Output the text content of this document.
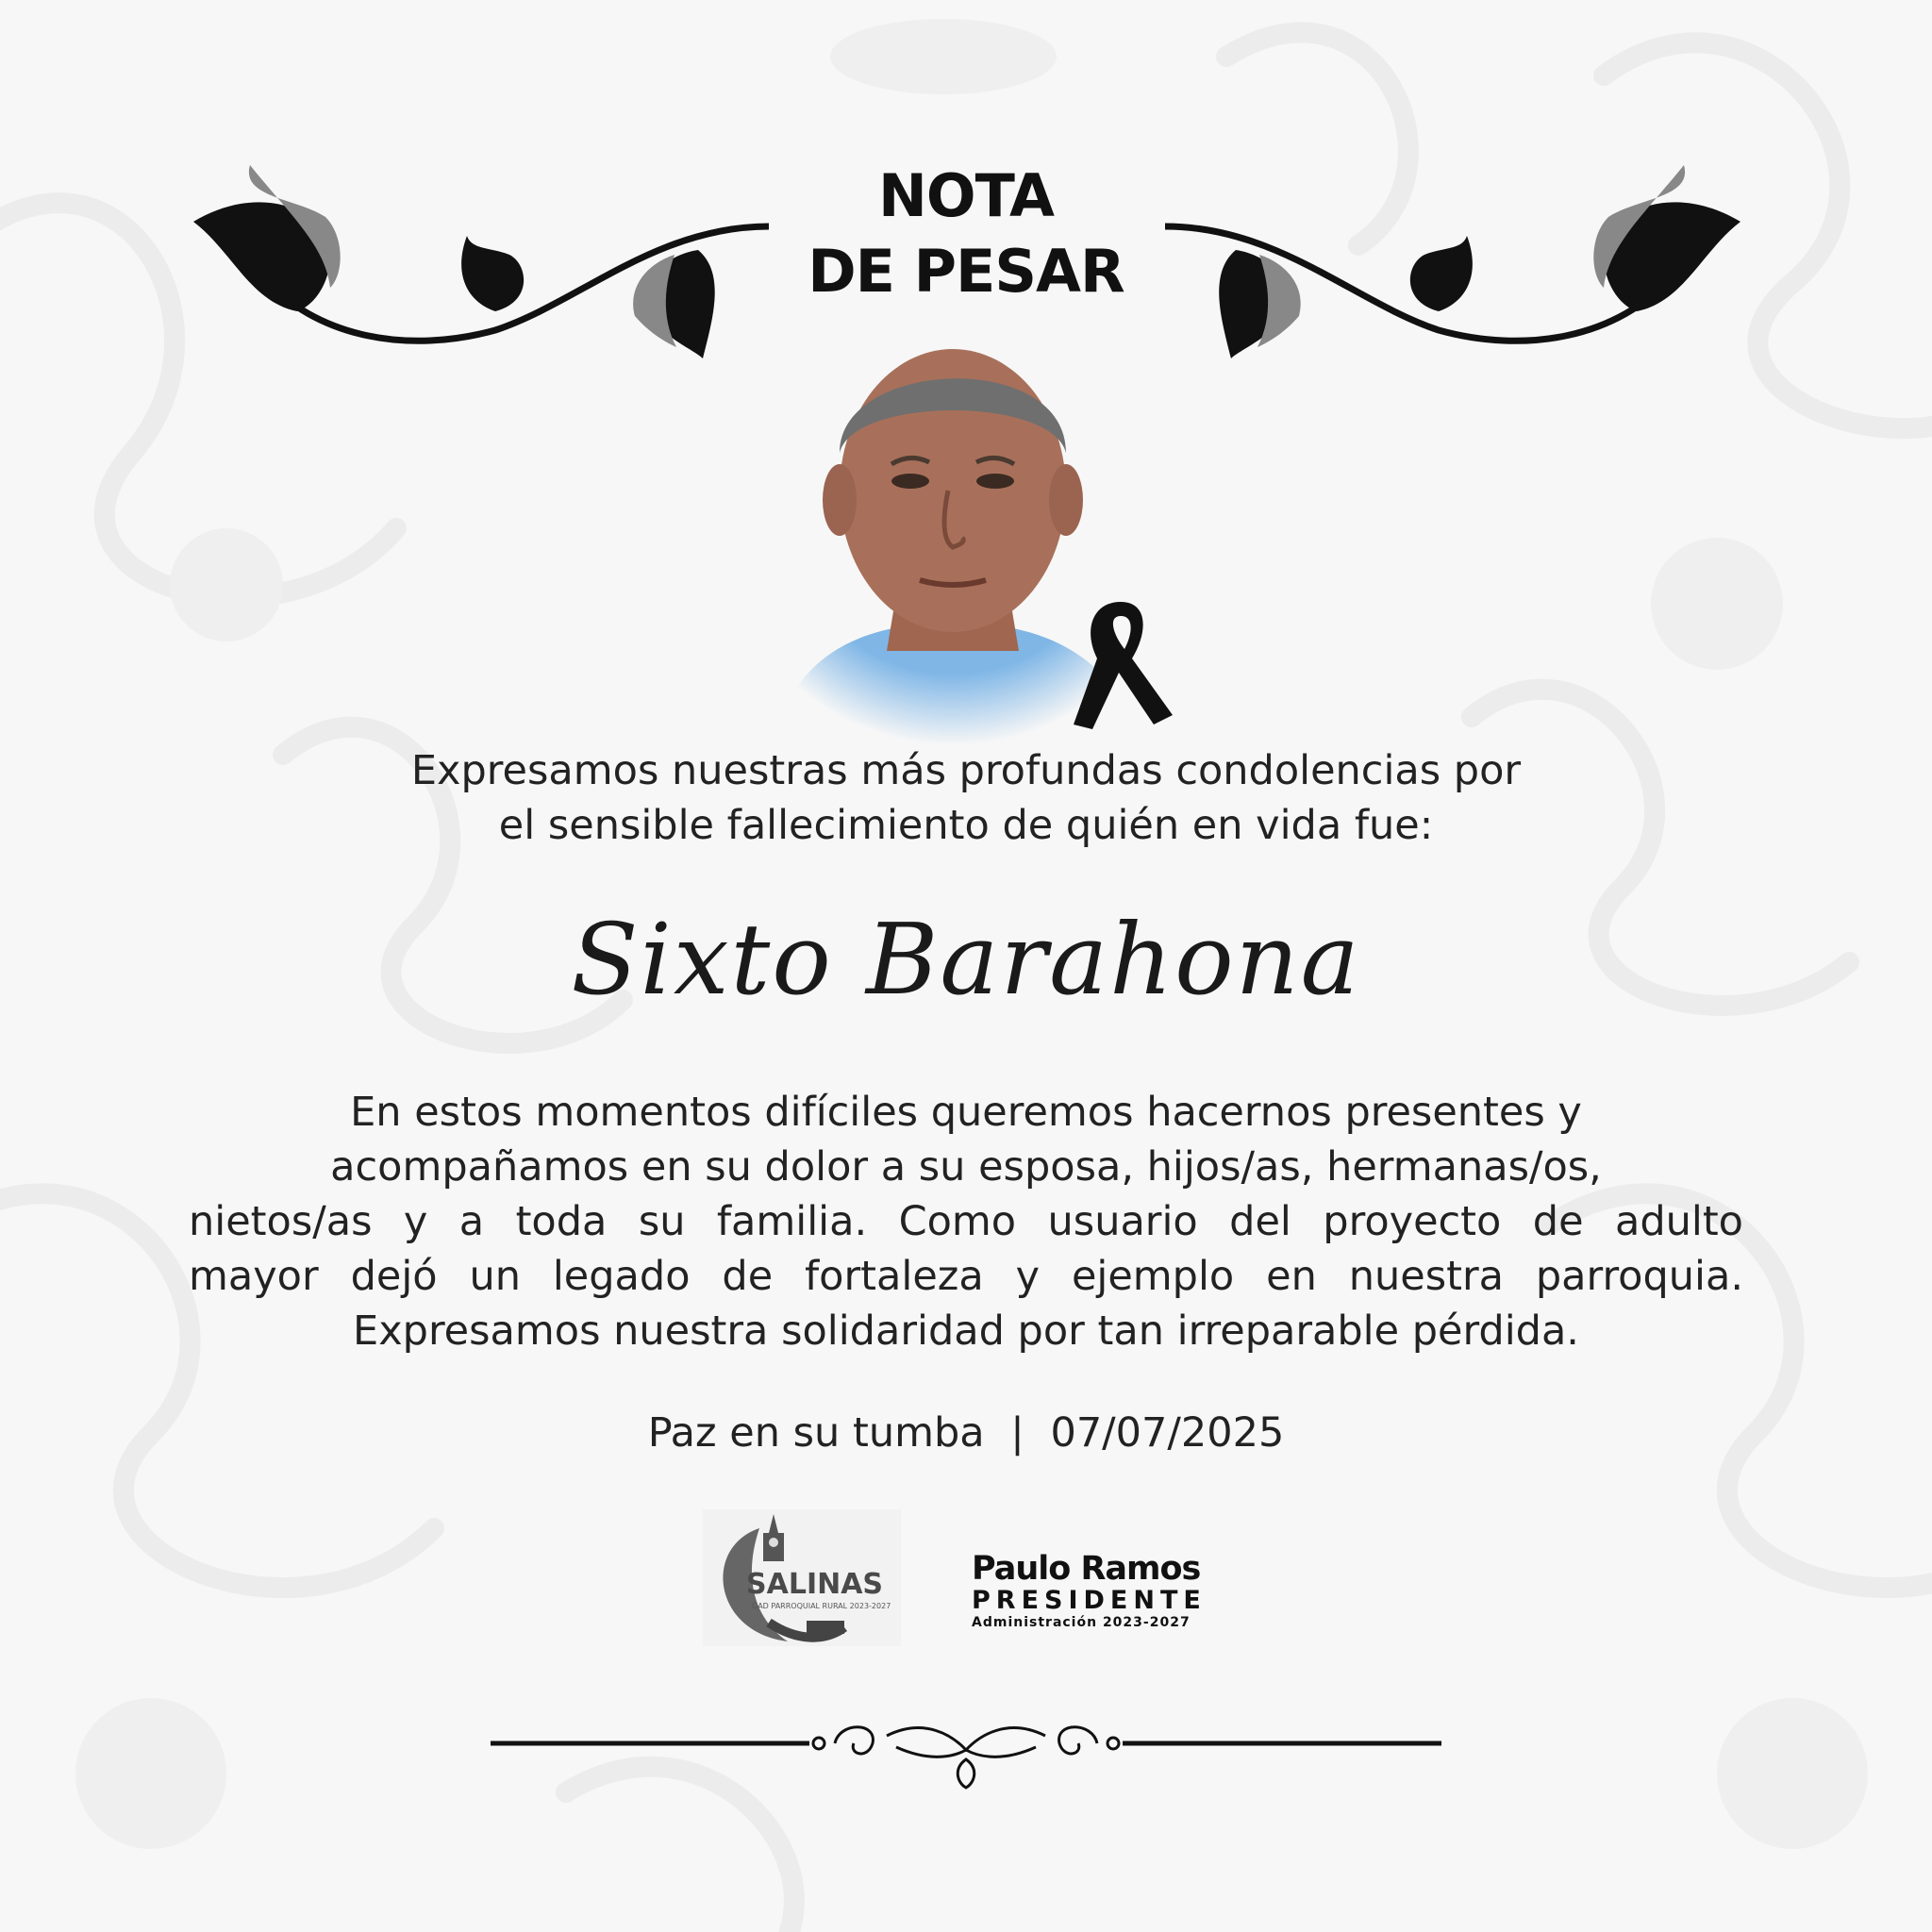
NOTA
DE PESAR
Expresamos nuestras más profundas condolencias por
el sensible fallecimiento de quién en vida fue:
Sixto Barahona
En estos momentos difíciles queremos hacernos presentes y
acompañamos en su dolor a su esposa, hijos/as, hermanas/os,
nietos/as y a toda su familia. Como usuario del proyecto de adulto
mayor dejó un legado de fortaleza y ejemplo en nuestra parroquia.
Expresamos nuestra solidaridad por tan irreparable pérdida.
Paz en su tumba | 07/07/2025
SALINAS
GAD PARROQUIAL RURAL 2023-2027
Paulo Ramos
PRESIDENTE
Administración 2023-2027
